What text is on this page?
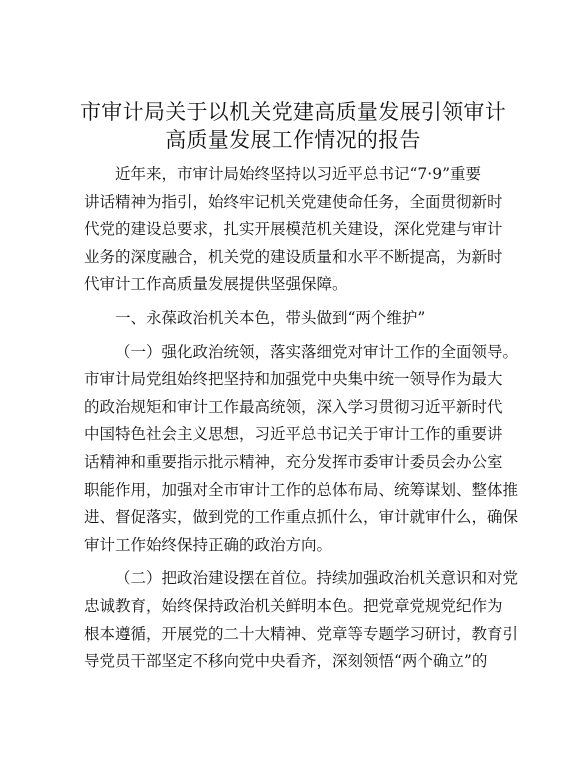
市审计局关于以机关党建高质量发展引领审计
高质量发展工作情况的报告
近年来，市审计局始终坚持以习近平总书记“7·9”重要
讲话精神为指引，始终牢记机关党建使命任务，全面贯彻新时
代党的建设总要求，扎实开展模范机关建设，深化党建与审计
业务的深度融合，机关党的建设质量和水平不断提高，为新时
代审计工作高质量发展提供坚强保障。
一、永葆政治机关本色，带头做到“两个维护”
（一）强化政治统领，落实落细党对审计工作的全面领导。
市审计局党组始终把坚持和加强党中央集中统一领导作为最大
的政治规矩和审计工作最高统领，深入学习贯彻习近平新时代
中国特色社会主义思想，习近平总书记关于审计工作的重要讲
话精神和重要指示批示精神，充分发挥市委审计委员会办公室
职能作用，加强对全市审计工作的总体布局、统筹谋划、整体推
进、督促落实，做到党的工作重点抓什么，审计就审什么，确保
审计工作始终保持正确的政治方向。
（二）把政治建设摆在首位。持续加强政治机关意识和对党
忠诚教育，始终保持政治机关鲜明本色。把党章党规党纪作为
根本遵循，开展党的二十大精神、党章等专题学习研讨，教育引
导党员干部坚定不移向党中央看齐，深刻领悟“两个确立”的
